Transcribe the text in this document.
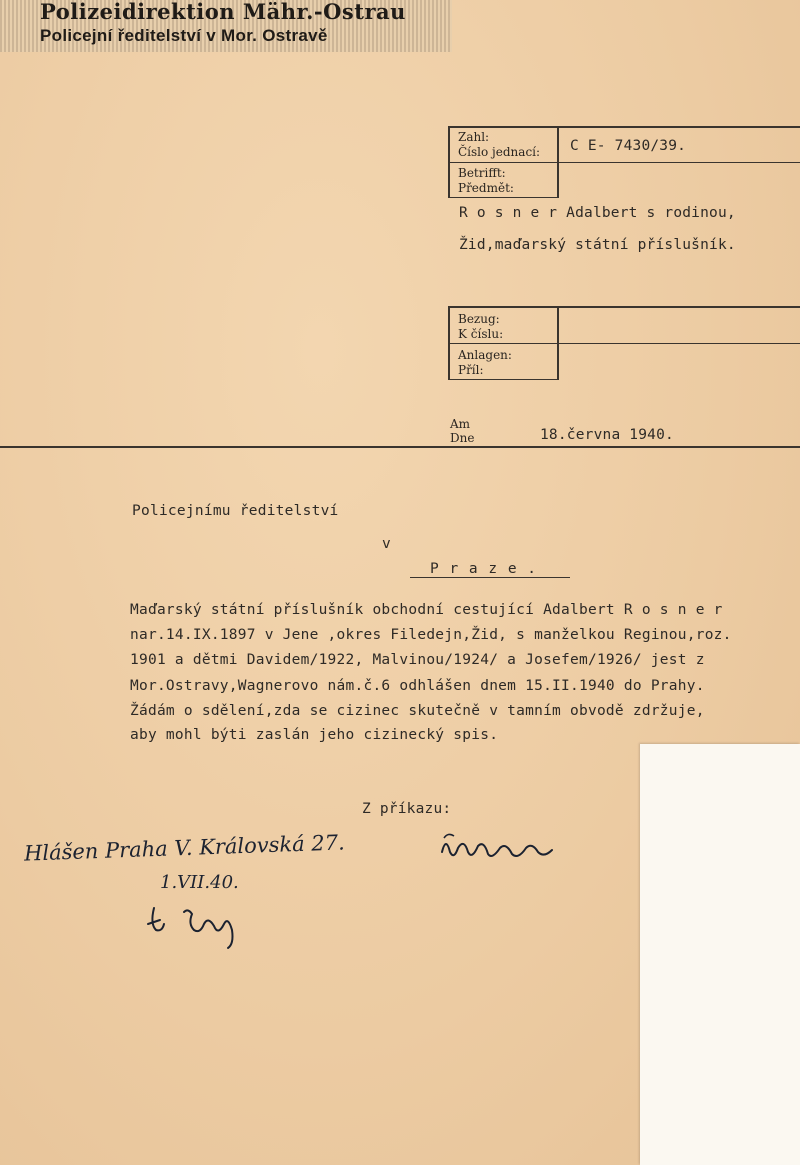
Polizeidirektion Mähr.-Ostrau
Policejní ředitelství v Mor. Ostravě
Zahl:
Číslo jednací: C E- 7430/39.
Betrifft:
Předmět:
R o s n e r Adalbert s rodinou,
Žid,maďarský státní příslušník.
Bezug:
K číslu:
Anlagen:
Příl:
Am
Dne	18.června 1940.
Policejnímu ředitelství
v
P r a z e .
Maďarský státní příslušník obchodní cestující Adalbert R o s n e r
nar.14.IX.1897 v Jene ,okres Filedejn,Žid, s manželkou Reginou,roz.
1901 a dětmi Davidem/1922, Malvinou/1924/ a Josefem/1926/ jest z
Mor.Ostravy,Wagnerovo nám.č.6 odhlášen dnem 15.II.1940 do Prahy.
Žádám o sdělení,zda se cizinec skutečně v tamním obvodě zdržuje,
aby mohl býti zaslán jeho cizinecký spis.
Z příkazu:
Hlášen Praha V. Královská 27.
1.VII.40.
